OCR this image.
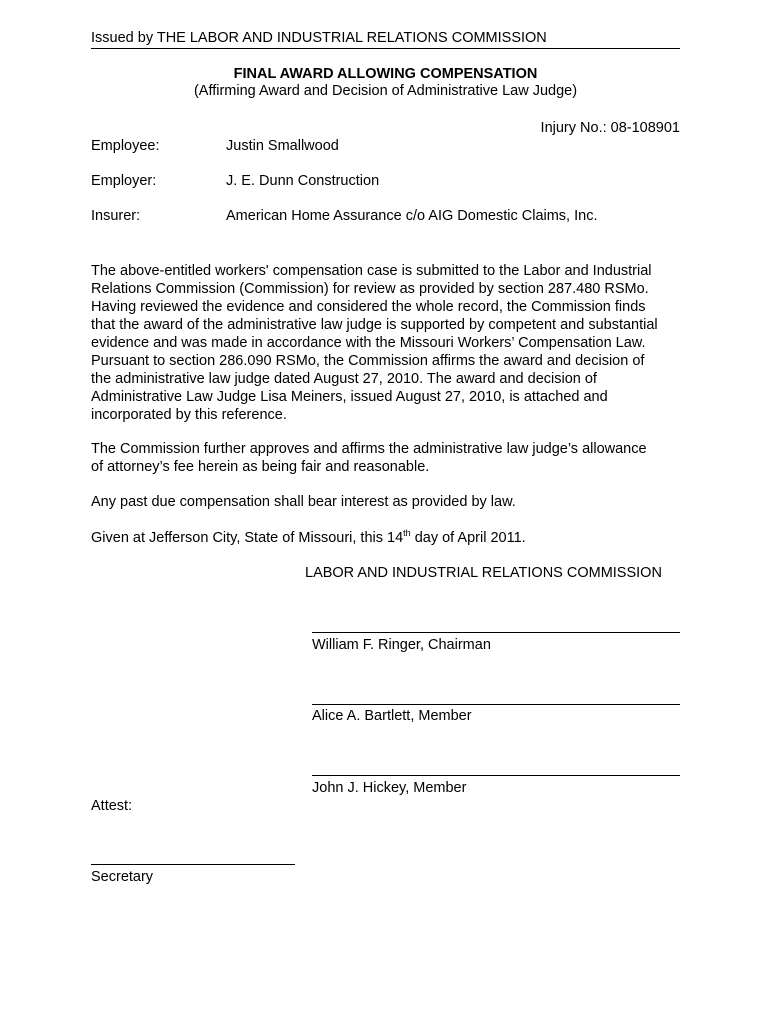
Issued by THE LABOR AND INDUSTRIAL RELATIONS COMMISSION
FINAL AWARD ALLOWING COMPENSATION
(Affirming Award and Decision of Administrative Law Judge)
Injury No.: 08-108901
Employee:	Justin Smallwood
Employer:	J. E. Dunn Construction
Insurer:	American Home Assurance c/o AIG Domestic Claims, Inc.
The above-entitled workers' compensation case is submitted to the Labor and Industrial
Relations Commission (Commission) for review as provided by section 287.480 RSMo.
Having reviewed the evidence and considered the whole record, the Commission finds
that the award of the administrative law judge is supported by competent and substantial
evidence and was made in accordance with the Missouri Workers’ Compensation Law.
Pursuant to section 286.090 RSMo, the Commission affirms the award and decision of
the administrative law judge dated August 27, 2010. The award and decision of
Administrative Law Judge Lisa Meiners, issued August 27, 2010, is attached and
incorporated by this reference.
The Commission further approves and affirms the administrative law judge’s allowance
of attorney’s fee herein as being fair and reasonable.
Any past due compensation shall bear interest as provided by law.
Given at Jefferson City, State of Missouri, this 14th day of April 2011.
LABOR AND INDUSTRIAL RELATIONS COMMISSION
William F. Ringer, Chairman
Alice A. Bartlett, Member
John J. Hickey, Member
Attest:
Secretary
